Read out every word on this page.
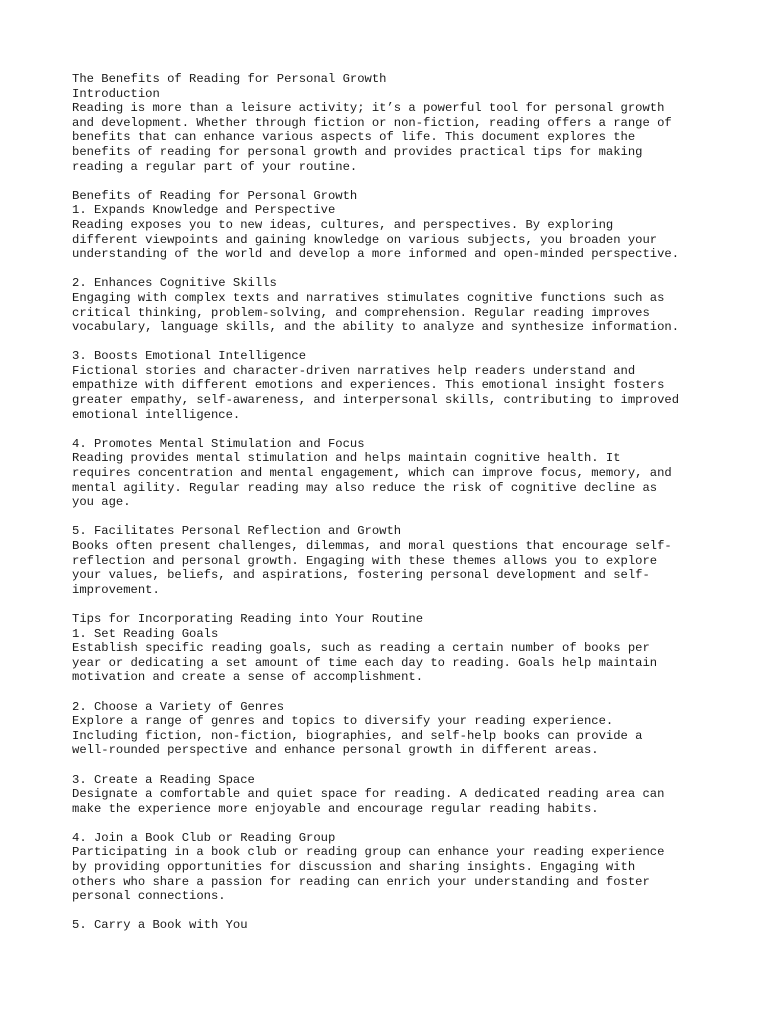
The Benefits of Reading for Personal Growth

Introduction

Reading is more than a leisure activity; it’s a powerful tool for personal growth

and development. Whether through fiction or non-fiction, reading offers a range of

benefits that can enhance various aspects of life. This document explores the

benefits of reading for personal growth and provides practical tips for making

reading a regular part of your routine.

Benefits of Reading for Personal Growth

1. Expands Knowledge and Perspective

Reading exposes you to new ideas, cultures, and perspectives. By exploring

different viewpoints and gaining knowledge on various subjects, you broaden your

understanding of the world and develop a more informed and open-minded perspective.

2. Enhances Cognitive Skills

Engaging with complex texts and narratives stimulates cognitive functions such as

critical thinking, problem-solving, and comprehension. Regular reading improves

vocabulary, language skills, and the ability to analyze and synthesize information.

3. Boosts Emotional Intelligence

Fictional stories and character-driven narratives help readers understand and

empathize with different emotions and experiences. This emotional insight fosters

greater empathy, self-awareness, and interpersonal skills, contributing to improved

emotional intelligence.

4. Promotes Mental Stimulation and Focus

Reading provides mental stimulation and helps maintain cognitive health. It

requires concentration and mental engagement, which can improve focus, memory, and

mental agility. Regular reading may also reduce the risk of cognitive decline as

you age.

5. Facilitates Personal Reflection and Growth

Books often present challenges, dilemmas, and moral questions that encourage self-

reflection and personal growth. Engaging with these themes allows you to explore

your values, beliefs, and aspirations, fostering personal development and self-

improvement.

Tips for Incorporating Reading into Your Routine

1. Set Reading Goals

Establish specific reading goals, such as reading a certain number of books per

year or dedicating a set amount of time each day to reading. Goals help maintain

motivation and create a sense of accomplishment.

2. Choose a Variety of Genres

Explore a range of genres and topics to diversify your reading experience.

Including fiction, non-fiction, biographies, and self-help books can provide a

well-rounded perspective and enhance personal growth in different areas.

3. Create a Reading Space

Designate a comfortable and quiet space for reading. A dedicated reading area can

make the experience more enjoyable and encourage regular reading habits.

4. Join a Book Club or Reading Group

Participating in a book club or reading group can enhance your reading experience

by providing opportunities for discussion and sharing insights. Engaging with

others who share a passion for reading can enrich your understanding and foster

personal connections.

5. Carry a Book with You
